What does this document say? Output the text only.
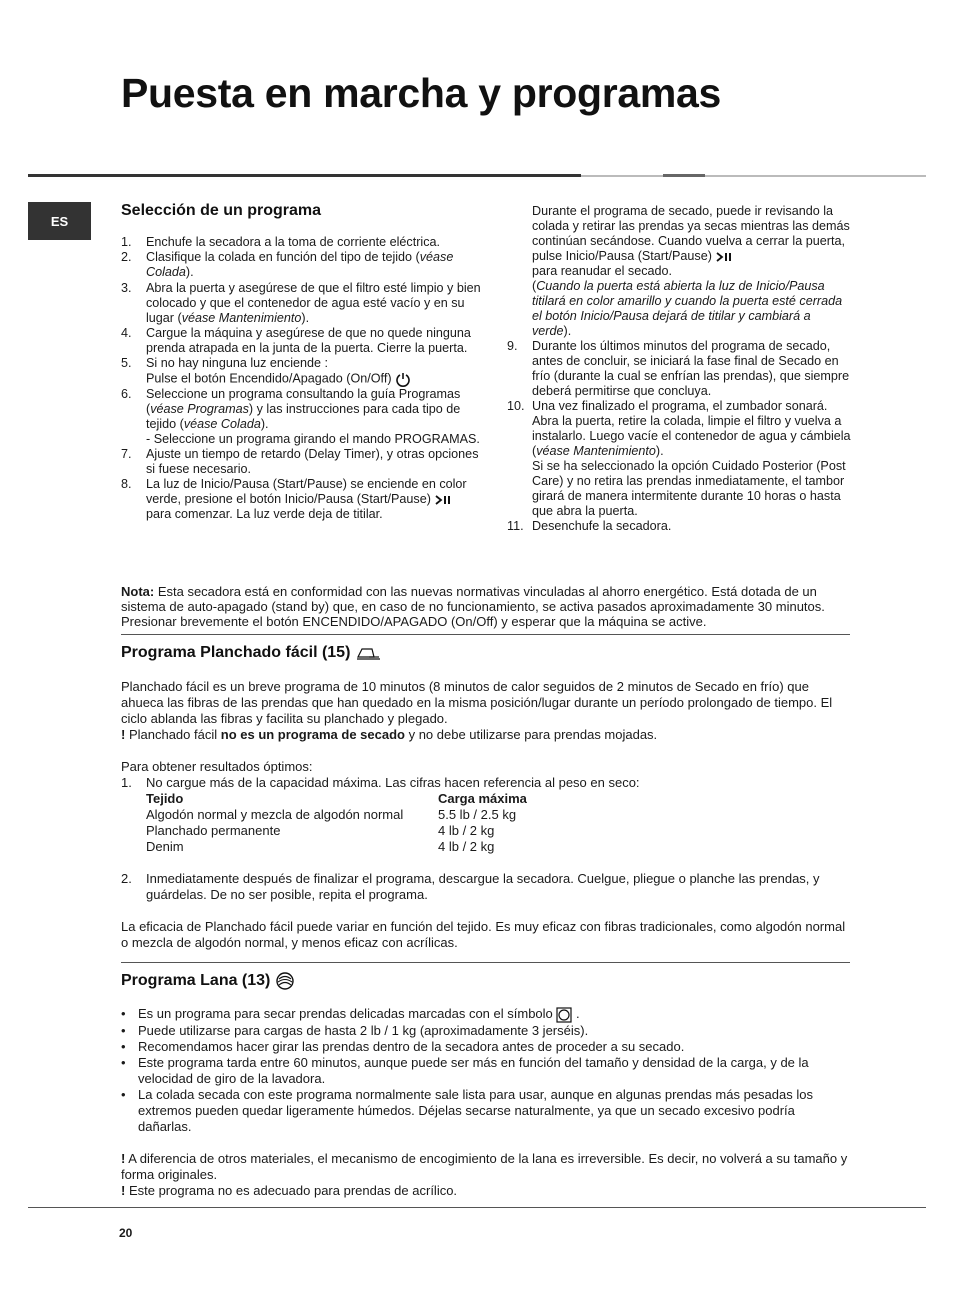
Puesta en marcha y programas
ES
Selección de un programa
1. Enchufe la secadora a la toma de corriente eléctrica.
2. Clasifique la colada en función del tipo de tejido (véase Colada).
3. Abra la puerta y asegúrese de que el filtro esté limpio y bien colocado y que el contenedor de agua esté vacío y en su lugar (véase Mantenimiento).
4. Cargue la máquina y asegúrese de que no quede ninguna prenda atrapada en la junta de la puerta. Cierre la puerta.
5. Si no hay ninguna luz enciende :
Pulse el botón Encendido/Apagado (On/Off)
6. Seleccione un programa consultando la guía Programas (véase Programas) y las instrucciones para cada tipo de tejido (véase Colada).
- Seleccione un programa girando el mando PROGRAMAS.
7. Ajuste un tiempo de retardo (Delay Timer), y otras opciones si fuese necesario.
8. La luz de Inicio/Pausa (Start/Pause) se enciende en color verde, presione el botón Inicio/Pausa (Start/Pause)
para comenzar. La luz verde deja de titilar.
Durante el programa de secado, puede ir revisando la colada y retirar las prendas ya secas mientras las demás continúan secándose. Cuando vuelva a cerrar la puerta, pulse Inicio/Pausa (Start/Pause)
para reanudar el secado.
(Cuando la puerta está abierta la luz de Inicio/Pausa titilará en color amarillo y cuando la puerta esté cerrada el botón Inicio/Pausa dejará de titilar y cambiará a verde).
9. Durante los últimos minutos del programa de secado, antes de concluir, se iniciará la fase final de Secado en frío (durante la cual se enfrían las prendas), que siempre deberá permitirse que concluya.
10. Una vez finalizado el programa, el zumbador sonará. Abra la puerta, retire la colada, limpie el filtro y vuelva a instalarlo. Luego vacíe el contenedor de agua y cámbiela (véase Mantenimiento).
Si se ha seleccionado la opción Cuidado Posterior (Post Care) y no retira las prendas inmediatamente, el tambor girará de manera intermitente durante 10 horas o hasta que abra la puerta.
11. Desenchufe la secadora.
Nota: Esta secadora está en conformidad con las nuevas normativas vinculadas al ahorro energético. Está dotada de un sistema de auto-apagado (stand by) que, en caso de no funcionamiento, se activa pasados aproximadamente 30 minutos. Presionar brevemente el botón ENCENDIDO/APAGADO (On/Off) y esperar que la máquina se active.
Programa Planchado fácil (15)
Planchado fácil es un breve programa de 10 minutos (8 minutos de calor seguidos de 2 minutos de Secado en frío) que ahueca las fibras de las prendas que han quedado en la misma posición/lugar durante un período prolongado de tiempo. El ciclo ablanda las fibras y facilita su planchado y plegado.
! Planchado fácil no es un programa de secado y no debe utilizarse para prendas mojadas.
Para obtener resultados óptimos:
1. No cargue más de la capacidad máxima. Las cifras hacen referencia al peso en seco:
Tejido	Carga máxima
Algodón normal y mezcla de algodón normal	5.5 lb / 2.5 kg
Planchado permanente	4 lb / 2 kg
Denim	4 lb / 2 kg
2. Inmediatamente después de finalizar el programa, descargue la secadora. Cuelgue, pliegue o planche las prendas, y guárdelas. De no ser posible, repita el programa.
La eficacia de Planchado fácil puede variar en función del tejido. Es muy eficaz con fibras tradicionales, como algodón normal o mezcla de algodón normal, y menos eficaz con acrílicas.
Programa Lana (13)
• Es un programa para secar prendas delicadas marcadas con el símbolo  .
• Puede utilizarse para cargas de hasta 2 lb / 1 kg (aproximadamente 3 jerséis).
• Recomendamos hacer girar las prendas dentro de la secadora antes de proceder a su secado.
• Este programa tarda entre 60 minutos, aunque puede ser más en función del tamaño y densidad de la carga, y de la velocidad de giro de la lavadora.
• La colada secada con este programa normalmente sale lista para usar, aunque en algunas prendas más pesadas los extremos pueden quedar ligeramente húmedos. Déjelas secarse naturalmente, ya que un secado excesivo podría dañarlas.
! A diferencia de otros materiales, el mecanismo de encogimiento de la lana es irreversible. Es decir, no volverá a su tamaño y forma originales.
! Este programa no es adecuado para prendas de acrílico.
20
